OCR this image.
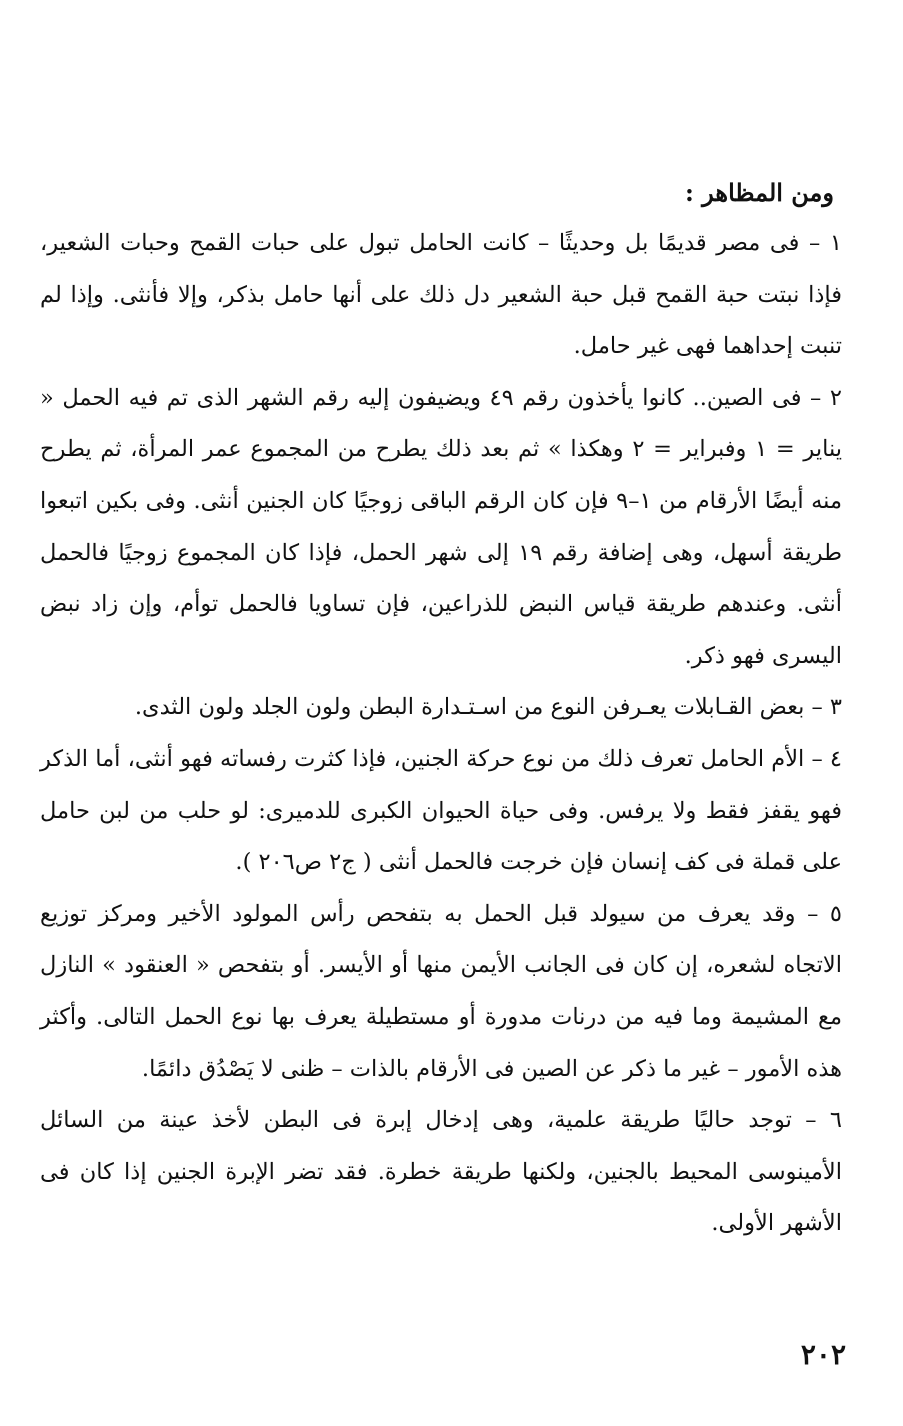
ومن المظاهر :

١ – فى مصر قديمًا بل وحديثًا – كانت الحامل تبول على حبات القمح وحبات الشعير، فإذا نبتت حبة القمح قبل حبة الشعير دل ذلك على أنها حامل بذكر، وإلا فأنثى. وإذا لم تنبت إحداهما فهى غير حامل.

٢ – فى الصين.. كانوا يأخذون رقم ٤٩ ويضيفون إليه رقم الشهر الذى تم فيه الحمل « يناير = ١ وفبراير = ٢ وهكذا » ثم بعد ذلك يطرح من المجموع عمر المرأة، ثم يطرح منه أيضًا الأرقام من ١–٩ فإن كان الرقم الباقى زوجيًا كان الجنين أنثى. وفى بكين اتبعوا طريقة أسهل، وهى إضافة رقم ١٩ إلى شهر الحمل، فإذا كان المجموع زوجيًا فالحمل أنثى. وعندهم طريقة قياس النبض للذراعين، فإن تساويا فالحمل توأم، وإن زاد نبض اليسرى فهو ذكر.

٣ – بعض القـابلات يعـرفن النوع من اسـتـدارة البطن ولون الجلد ولون الثدى.

٤ – الأم الحامل تعرف ذلك من نوع حركة الجنين، فإذا كثرت رفساته فهو أنثى، أما الذكر فهو يقفز فقط ولا يرفس. وفى حياة الحيوان الكبرى للدميرى: لو حلب من لبن حامل على قملة فى كف إنسان فإن خرجت فالحمل أنثى ( ج٢ ص٢٠٦ ).

٥ – وقد يعرف من سيولد قبل الحمل به بتفحص رأس المولود الأخير ومركز توزيع الاتجاه لشعره، إن كان فى الجانب الأيمن منها أو الأيسر. أو بتفحص « العنقود » النازل مع المشيمة وما فيه من درنات مدورة أو مستطيلة يعرف بها نوع الحمل التالى. وأكثر هذه الأمور – غير ما ذكر عن الصين فى الأرقام بالذات – ظنى لا يَصْدُق دائمًا.

٦ – توجد حاليًا طريقة علمية، وهى إدخال إبرة فى البطن لأخذ عينة من السائل الأمينوسى المحيط بالجنين، ولكنها طريقة خطرة. فقد تضر الإبرة الجنين إذا كان فى الأشهر الأولى.

٢٠٢
